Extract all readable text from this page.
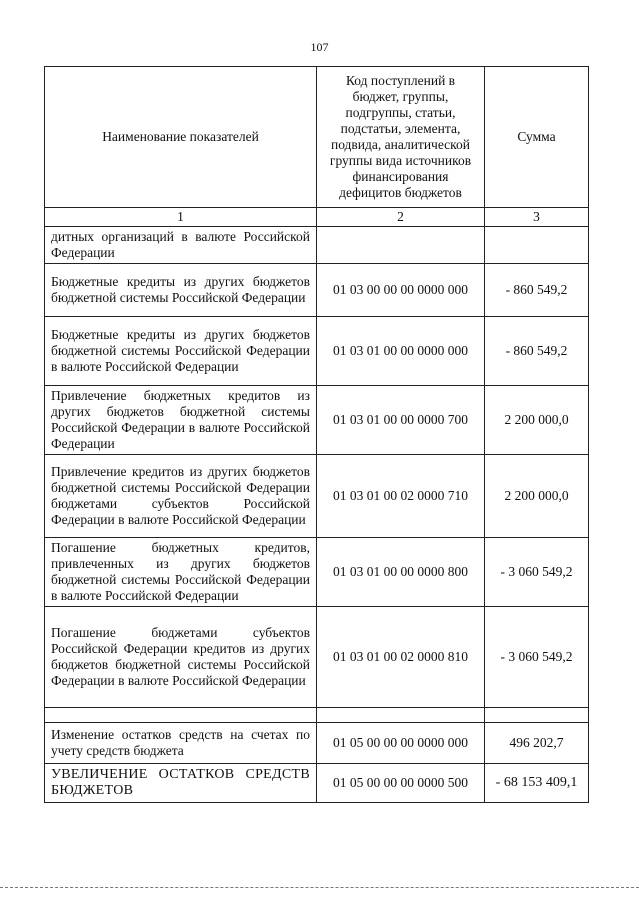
107
Наименование показателей	Код поступлений в бюджет, группы, подгруппы, статьи, подстатьи, элемента, подвида, аналитической группы вида источников финансирования дефицитов бюджетов	Сумма
1	2	3
дитных организаций в валюте Российской Федерации		
Бюджетные кредиты из других бюджетов бюджетной системы Российской Федерации	01 03 00 00 00 0000 000	- 860 549,2
Бюджетные кредиты из других бюджетов бюджетной системы Российской Федерации в валюте Российской Федерации	01 03 01 00 00 0000 000	- 860 549,2
Привлечение бюджетных кредитов из других бюджетов бюджетной системы Российской Федерации в валюте Российской Федерации	01 03 01 00 00 0000 700	2 200 000,0
Привлечение кредитов из других бюджетов бюджетной системы Российской Федерации бюджетами субъектов Российской Федерации в валюте Российской Федерации	01 03 01 00 02 0000 710	2 200 000,0
Погашение бюджетных кредитов, привлеченных из других бюджетов бюджетной системы Российской Федерации в валюте Российской Федерации	01 03 01 00 00 0000 800	- 3 060 549,2
Погашение бюджетами субъектов Российской Федерации кредитов из других бюджетов бюджетной системы Российской Федерации в валюте Российской Федерации	01 03 01 00 02 0000 810	- 3 060 549,2

Изменение остатков средств на счетах по учету средств бюджета	01 05 00 00 00 0000 000	496 202,7
УВЕЛИЧЕНИЕ ОСТАТКОВ СРЕДСТВ БЮДЖЕТОВ	01 05 00 00 00 0000 500	- 68 153 409,1
